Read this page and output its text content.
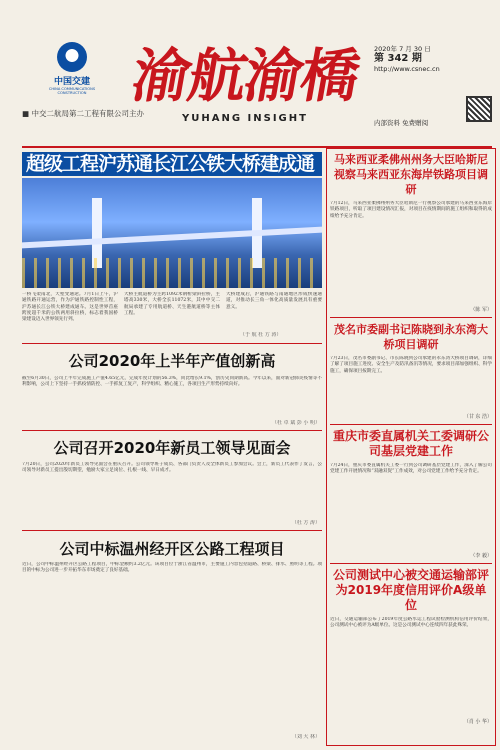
中国交建
CHINA COMMUNICATIONS CONSTRUCTION
■ 中交二航局第二工程有限公司主办
渝航渝橋
YUHANG INSIGHT
2020年 7 月 30 日
第 342 期
http://www.csnec.cn
内部资料 免费赠阅
超级工程沪苏通长江公铁大桥建成通
一桥飞架南北，天堑变通途。7月1日上午，沪通铁路开通运营，作为沪通铁路控制性工程，沪苏通长江公铁大桥建成通车。这是世界首座跨度超千米的公铁两用斜拉桥，标志着我国桥梁建设迈入世界领先行列。
大桥主航道桥为主跨1092米钢桁梁斜拉桥，主塔高330米，大桥全长11072米，其中中交二航局承建了专用航道桥、天生港航道桥等主体工程。
大桥建成后，沪通铁路与南通地区形成快速通道，对推动长三角一体化高质量发展具有重要意义。
（于 航 杜 方 涛）
公司2020年上半年产值创新高
截至6月30日，公司上半年完成施工产值4.65亿元，完成年度计划的56.3%，同比增长9.1%，创历史同期新高。今年以来，面对新冠肺炎疫情等不利影响，公司上下坚持一手抓疫情防控、一手抓复工复产，科学组织、精心施工，各项目生产形势持续向好。
（杜 卓 斌 彭 小 明）
公司召开2020年新员工领导见面会
7月20日，公司2020年新员工领导见面会在重庆召开。公司领导班子成员、各部门负责人及全体新员工参加会议。会上，新员工代表作了发言，公司领导对新员工提出殷切期望，勉励大家立足岗位、扎根一线、早日成才。
（杜 方 涛）
公司中标温州经开区公路工程项目
近日，公司中标温州经开区公路工程项目，中标金额约3.2亿元。该项目位于浙江省温州市，主要施工内容包括道路、桥梁、排水、照明等工程。项目的中标为公司进一步开拓华东市场奠定了良好基础。
（刘 大 林）
马来西亚柔佛州州务大臣哈斯尼视察马来西亚东海岸铁路项目调研
7月12日，马来西亚柔佛州州务大臣哈斯尼一行视察公司承建的马来西亚东海岸铁路项目，听取了项目建设情况汇报，对项目在疫情期间的施工组织和取得的成绩给予充分肯定。
（陈 军）
茂名市委副书记陈晓到永东湾大桥项目调研
7月23日，茂名市委副书记、市长陈晓到公司承建的永东湾大桥项目调研，详细了解了项目施工进度、安全生产及防汛备汛等情况，要求项目部加强组织、科学施工，确保项目按期完工。
（甘 东 浩）
重庆市委直属机关工委调研公司基层党建工作
7月24日，重庆市委直属机关工委一行到公司调研基层党建工作，深入了解公司党建工作开展情况和“双融双促”工作成效，对公司党建工作给予充分肯定。
（李 毅）
公司测试中心被交通运输部评为2019年度信用评价A级单位
近日，交通运输部公布了2019年度公路水运工程试验检测机构信用评价结果，公司测试中心被评为A级单位。这是公司测试中心连续四年获此殊荣。
（肖 小 华）
